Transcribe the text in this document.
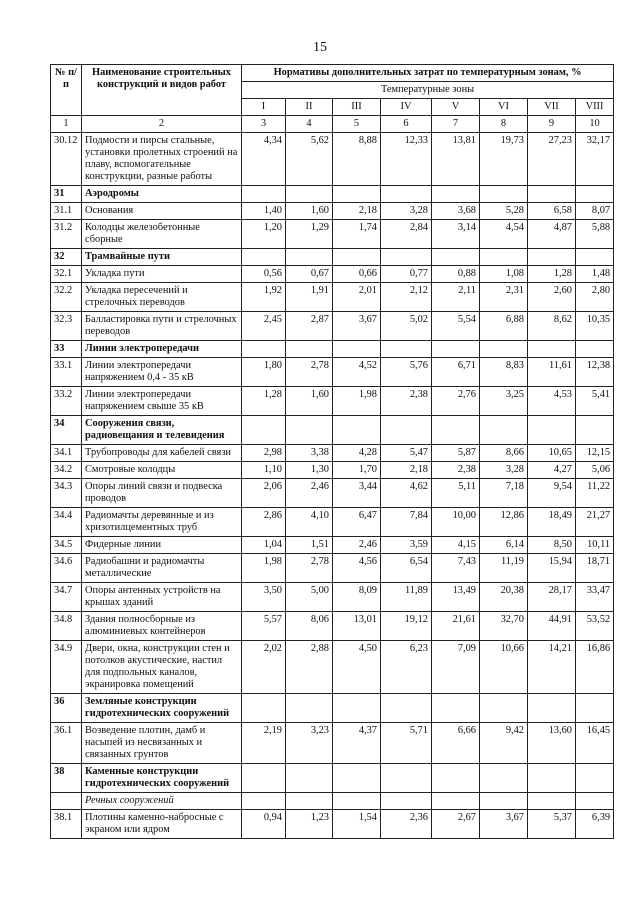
15
№ п/п	Наименование строительных конструкций и видов работ	Нормативы дополнительных затрат по температурным зонам, %							
		Температурные зоны							
		I	II	III	IV	V	VI	VII	VIII
1	2	3	4	5	6	7	8	9	10
30.12	Подмости и пирсы стальные, установки пролетных строений на плаву, вспомогательные конструкции, разные работы	4,34	5,62	8,88	12,33	13,81	19,73	27,23	32,17
31	Аэродромы								
31.1	Основания	1,40	1,60	2,18	3,28	3,68	5,28	6,58	8,07
31.2	Колодцы железобетонные сборные	1,20	1,29	1,74	2,84	3,14	4,54	4,87	5,88
32	Трамвайные пути								
32.1	Укладка пути	0,56	0,67	0,66	0,77	0,88	1,08	1,28	1,48
32.2	Укладка пересечений и стрелочных переводов	1,92	1,91	2,01	2,12	2,11	2,31	2,60	2,80
32.3	Балластировка пути и стрелочных переводов	2,45	2,87	3,67	5,02	5,54	6,88	8,62	10,35
33	Линии электропередачи								
33.1	Линии электропередачи напряжением 0,4 - 35 кВ	1,80	2,78	4,52	5,76	6,71	8,83	11,61	12,38
33.2	Линии электропередачи напряжением свыше 35 кВ	1,28	1,60	1,98	2,38	2,76	3,25	4,53	5,41
34	Сооружения связи, радиовещания и телевидения								
34.1	Трубопроводы для кабелей связи	2,98	3,38	4,28	5,47	5,87	8,66	10,65	12,15
34.2	Смотровые колодцы	1,10	1,30	1,70	2,18	2,38	3,28	4,27	5,06
34.3	Опоры линий связи и подвеска проводов	2,06	2,46	3,44	4,62	5,11	7,18	9,54	11,22
34.4	Радиомачты деревянные и из хризотилцементных труб	2,86	4,10	6,47	7,84	10,00	12,86	18,49	21,27
34.5	Фидерные линии	1,04	1,51	2,46	3,59	4,15	6,14	8,50	10,11
34.6	Радиобашни и радиомачты металлические	1,98	2,78	4,56	6,54	7,43	11,19	15,94	18,71
34.7	Опоры антенных устройств на крышах зданий	3,50	5,00	8,09	11,89	13,49	20,38	28,17	33,47
34.8	Здания полносборные из алюминиевых контейнеров	5,57	8,06	13,01	19,12	21,61	32,70	44,91	53,52
34.9	Двери, окна, конструкции стен и потолков акустические, настил для подпольных каналов, экранировка помещений	2,02	2,88	4,50	6,23	7,09	10,66	14,21	16,86
36	Земляные конструкции гидротехнических сооружений								
36.1	Возведение плотин, дамб и насыпей из несвязанных и связанных грунтов	2,19	3,23	4,37	5,71	6,66	9,42	13,60	16,45
38	Каменные конструкции гидротехнических сооружений								
	Речных сооружений								
38.1	Плотины каменно-набросные с экраном или ядром	0,94	1,23	1,54	2,36	2,67	3,67	5,37	6,39
